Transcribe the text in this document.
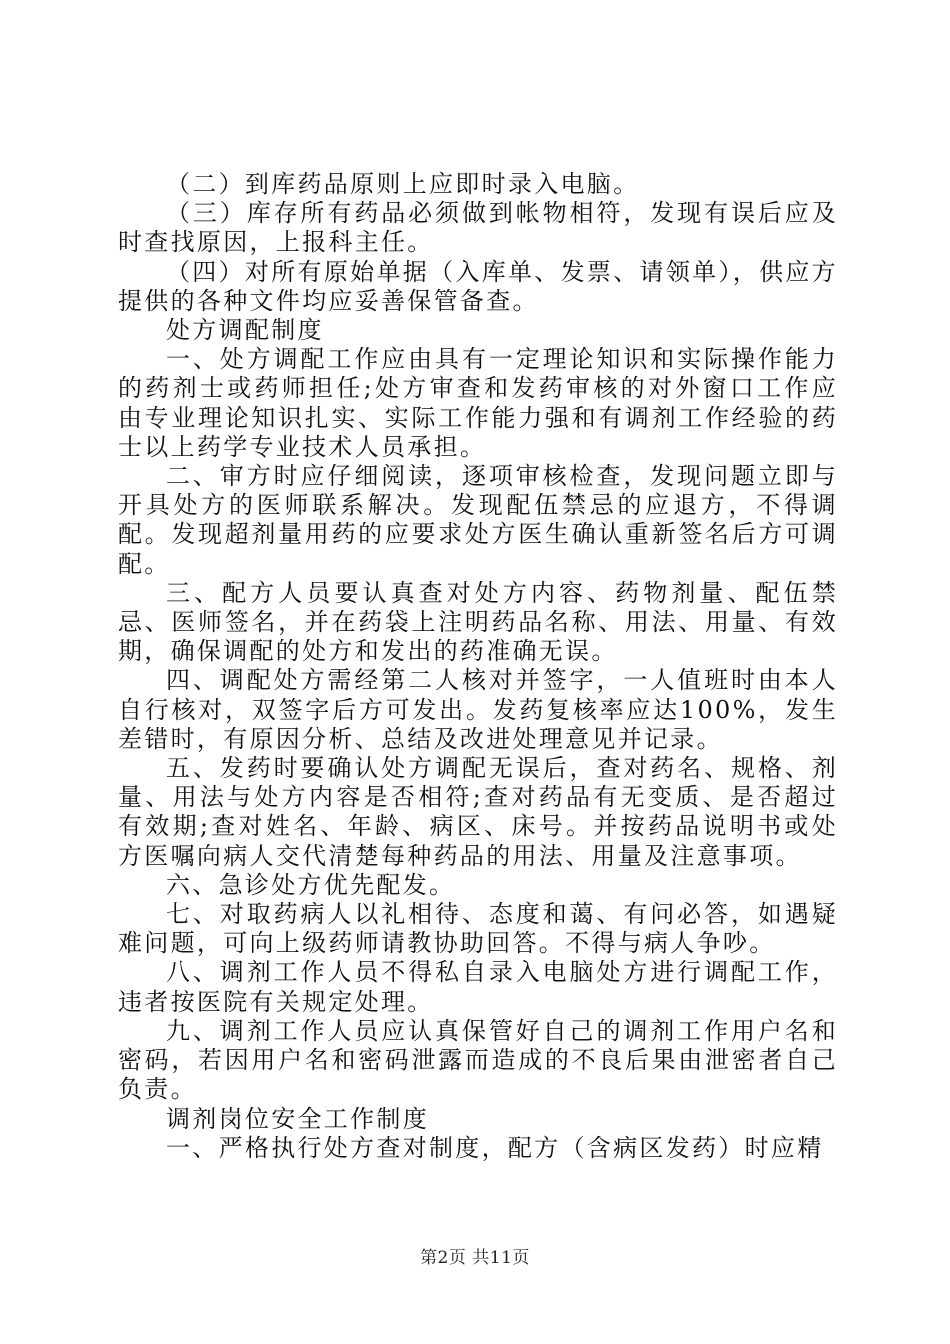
（二）到库药品原则上应即时录入电脑。

（三）库存所有药品必须做到帐物相符，发现有误后应及时查找原因，上报科主任。

（四）对所有原始单据（入库单、发票、请领单），供应方提供的各种文件均应妥善保管备查。

处方调配制度

一、处方调配工作应由具有一定理论知识和实际操作能力的药剂士或药师担任;处方审查和发药审核的对外窗口工作应由专业理论知识扎实、实际工作能力强和有调剂工作经验的药士以上药学专业技术人员承担。

二、审方时应仔细阅读，逐项审核检查，发现问题立即与开具处方的医师联系解决。发现配伍禁忌的应退方，不得调配。发现超剂量用药的应要求处方医生确认重新签名后方可调配。

三、配方人员要认真查对处方内容、药物剂量、配伍禁忌、医师签名，并在药袋上注明药品名称、用法、用量、有效期，确保调配的处方和发出的药准确无误。

四、调配处方需经第二人核对并签字，一人值班时由本人自行核对，双签字后方可发出。发药复核率应达100%，发生差错时，有原因分析、总结及改进处理意见并记录。

五、发药时要确认处方调配无误后，查对药名、规格、剂量、用法与处方内容是否相符;查对药品有无变质、是否超过有效期;查对姓名、年龄、病区、床号。并按药品说明书或处方医嘱向病人交代清楚每种药品的用法、用量及注意事项。

六、急诊处方优先配发。

七、对取药病人以礼相待、态度和蔼、有问必答，如遇疑难问题，可向上级药师请教协助回答。不得与病人争吵。

八、调剂工作人员不得私自录入电脑处方进行调配工作，违者按医院有关规定处理。

九、调剂工作人员应认真保管好自己的调剂工作用户名和密码，若因用户名和密码泄露而造成的不良后果由泄密者自己负责。

调剂岗位安全工作制度

一、严格执行处方查对制度，配方（含病区发药）时应精

第2页 共11页
